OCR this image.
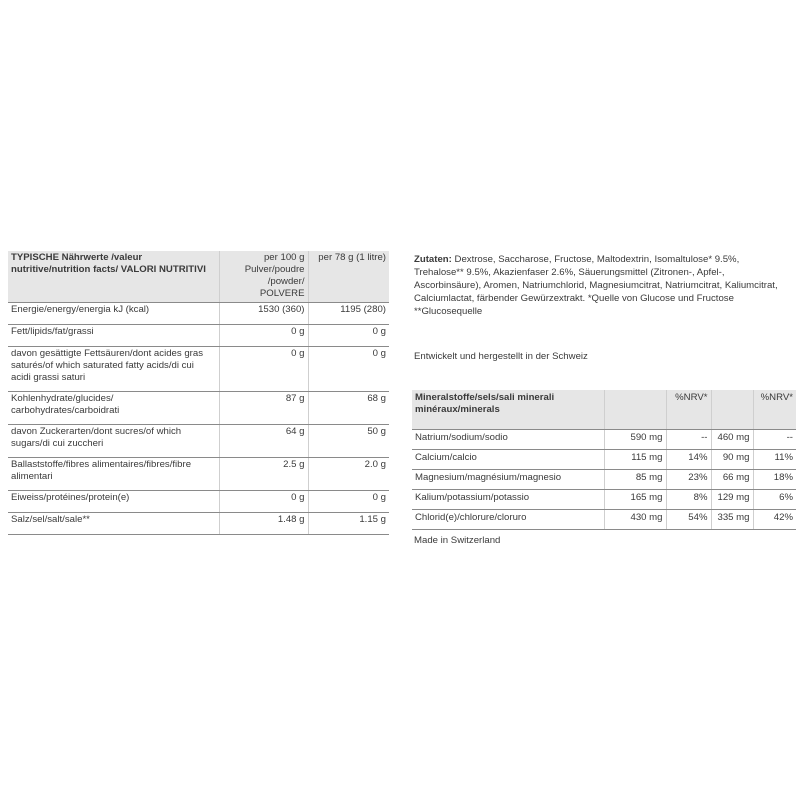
TYPISCHE Nährwerte /valeur nutritive/nutrition facts/ VALORI NUTRITIVI	per 100 g Pulver/poudre /powder/ POLVERE	per 78 g (1 litre)
Energie/energy/energia kJ (kcal)	1530 (360)	1195 (280)
Fett/lipids/fat/grassi	0 g	0 g
davon gesättigte Fettsäuren/dont acides gras saturés/of which saturated fatty acids/di cui acidi grassi saturi	0 g	0 g
Kohlenhydrate/glucides/ carbohydrates/carboidrati	87 g	68 g
davon Zuckerarten/dont sucres/of which sugars/di cui zuccheri	64 g	50 g
Ballaststoffe/fibres alimentaires/fibres/fibre alimentari	2.5 g	2.0 g
Eiweiss/protéines/protein(e)	0 g	0 g
Salz/sel/salt/sale**	1.48 g	1.15 g

Zutaten: Dextrose, Saccharose, Fructose, Maltodextrin, Isomaltulose* 9.5%, Trehalose** 9.5%, Akazienfaser 2.6%, Säuerungsmittel (Zitronen-, Apfel-, Ascorbinsäure), Aromen, Natriumchlorid, Magnesiumcitrat, Natriumcitrat, Kaliumcitrat, Calciumlactat, färbender Gewürzextrakt. *Quelle von Glucose und Fructose **Glucosequelle

Entwickelt und hergestellt in der Schweiz

Mineralstoffe/sels/sali minerali minéraux/minerals		%NRV*		%NRV*
Natrium/sodium/sodio	590 mg	--	460 mg	--
Calcium/calcio	115 mg	14%	90 mg	11%
Magnesium/magnésium/magnesio	85 mg	23%	66 mg	18%
Kalium/potassium/potassio	165 mg	8%	129 mg	6%
Chlorid(e)/chlorure/cloruro	430 mg	54%	335 mg	42%

Made in Switzerland
